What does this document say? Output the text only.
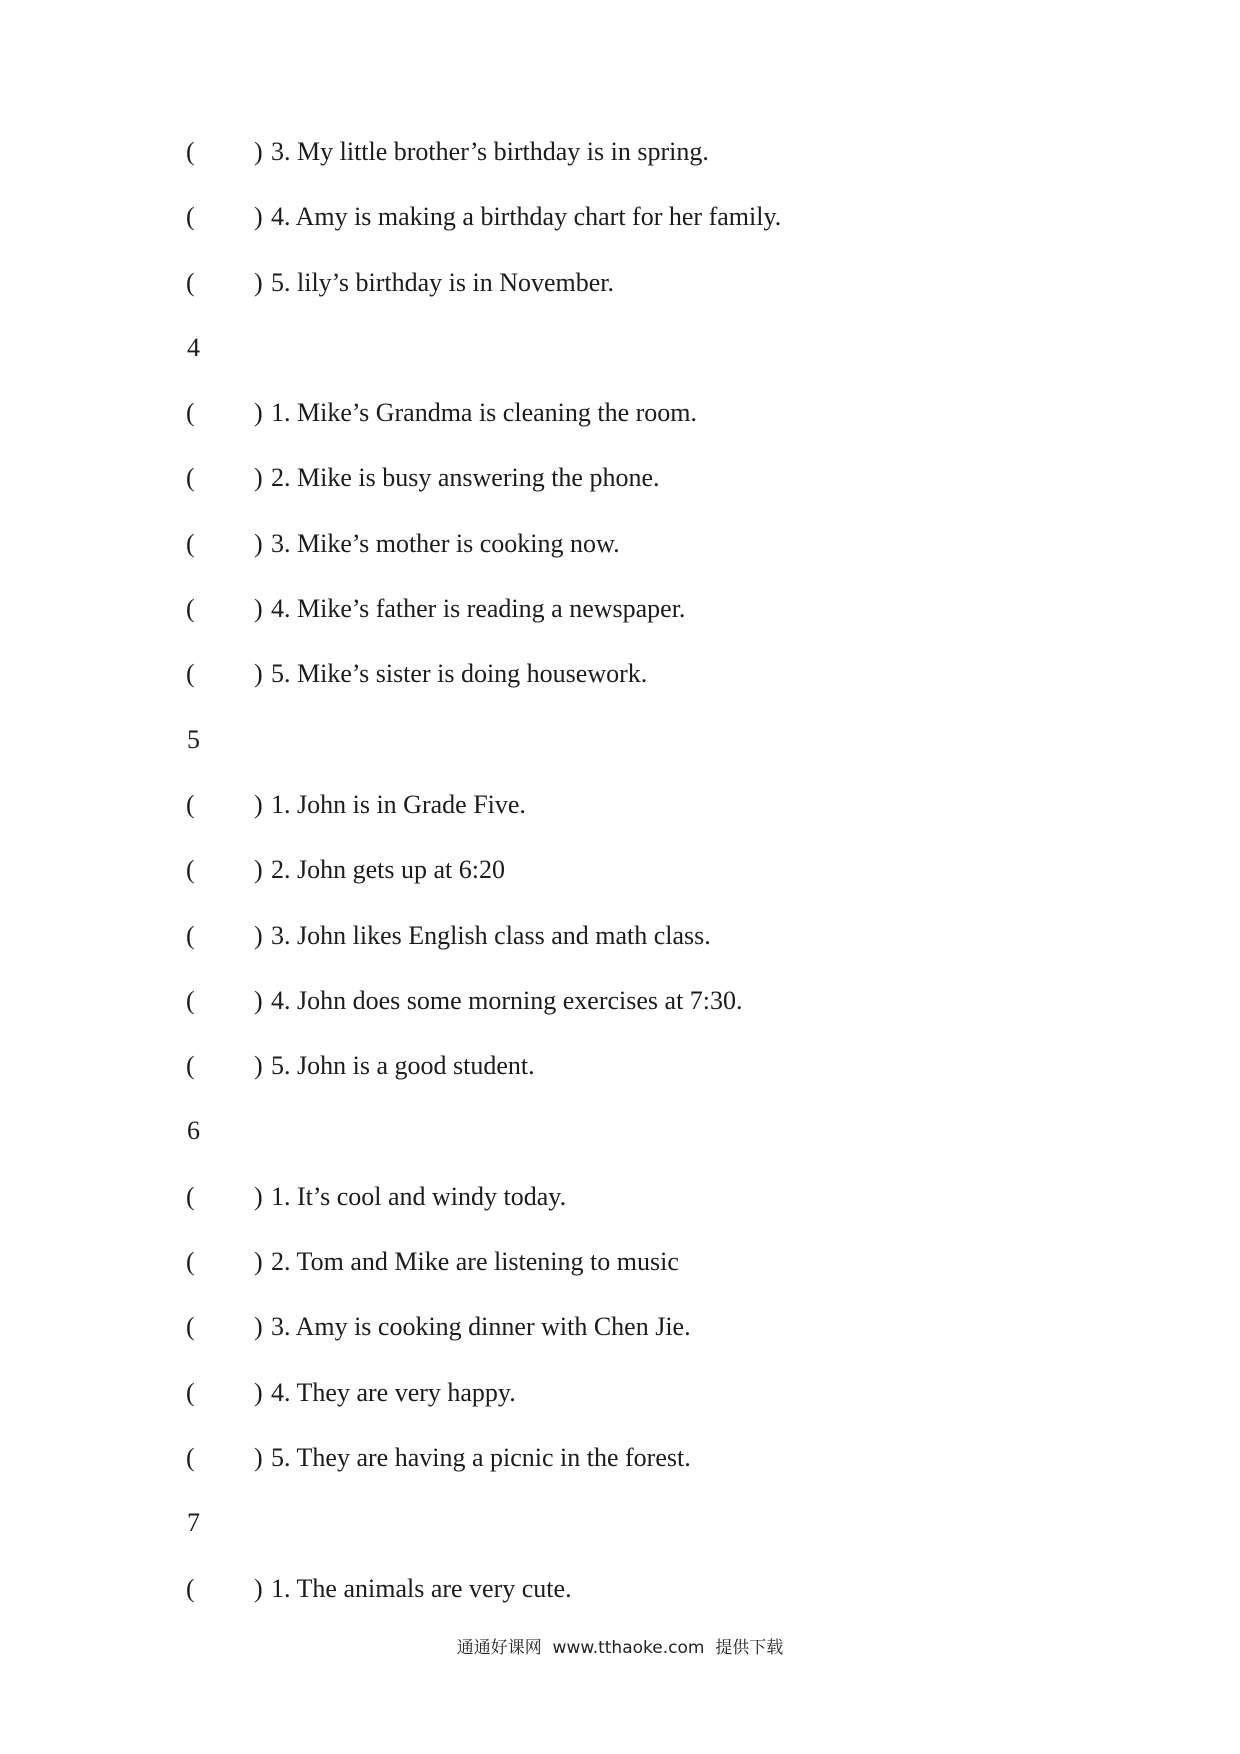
( ) 3. My little brother’s birthday is in spring.
( ) 4. Amy is making a birthday chart for her family.
( ) 5. lily’s birthday is in November.
4
( ) 1. Mike’s Grandma is cleaning the room.
( ) 2. Mike is busy answering the phone.
( ) 3. Mike’s mother is cooking now.
( ) 4. Mike’s father is reading a newspaper.
( ) 5. Mike’s sister is doing housework.
5
( ) 1. John is in Grade Five.
( ) 2. John gets up at 6:20
( ) 3. John likes English class and math class.
( ) 4. John does some morning exercises at 7:30.
( ) 5. John is a good student.
6
( ) 1. It’s cool and windy today.
( ) 2. Tom and Mike are listening to music
( ) 3. Amy is cooking dinner with Chen Jie.
( ) 4. They are very happy.
( ) 5. They are having a picnic in the forest.
7
( ) 1. The animals are very cute.
通通好课网  www.tthaoke.com  提供下载
